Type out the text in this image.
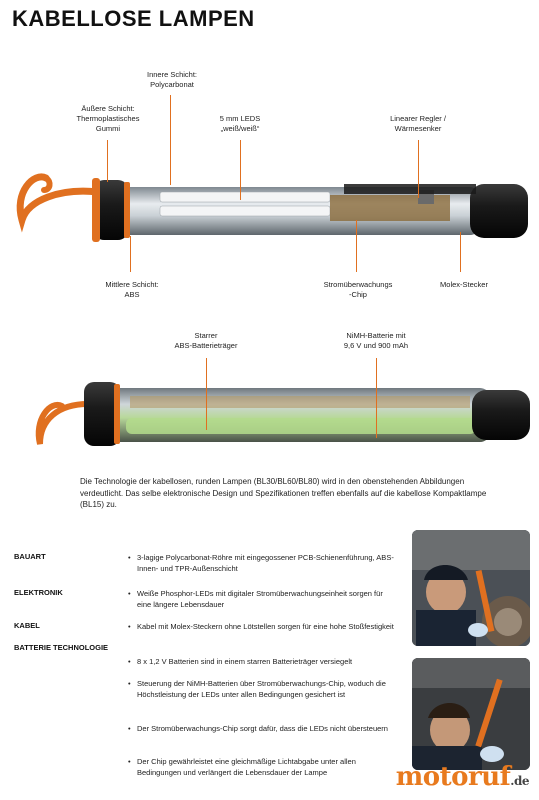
KABELLOSE LAMPEN
Innere Schicht:
Polycarbonat
Äußere Schicht:
Thermoplastisches
Gummi
5 mm LEDS
„weiß/weiß“
Linearer Regler /
Wärmesenker
Mittlere Schicht:
ABS
Stromüberwachungs
-Chip
Molex-Stecker
Starrer
ABS-Batterieträger
NiMH-Batterie mit
9,6 V und 900 mAh
Die Technologie der kabellosen, runden Lampen (BL30/BL60/BL80) wird in den obenstehenden Abbildungen verdeutlicht. Das selbe elektronische Design und Spezifikationen treffen ebenfalls auf die kabellose Kompaktlampe (BL15) zu.
BAUART	• 3-lagige Polycarbonat-Röhre mit eingegossener PCB-Schienenführung, ABS-Innen- und TPR-Außenschicht
ELEKTRONIK	• Weiße Phosphor-LEDs mit digitaler Stromüberwachungseinheit sorgen für eine längere Lebensdauer
KABEL	• Kabel mit Molex-Steckern ohne Lötstellen sorgen für eine hohe Stoßfestigkeit
BATTERIE TECHNOLOGIE
• 8 x 1,2 V Batterien sind in einem starren Batterieträger versiegelt
• Steuerung der NiMH-Batterien über Stromüberwachungs-Chip, woduch die Höchstleistung der LEDs unter allen Bedingungen gesichert ist
• Der Stromüberwachungs-Chip sorgt dafür, dass die LEDs nicht übersteuern
• Der Chip gewährleistet eine gleichmäßige Lichtabgabe unter allen Bedingungen und verlängert die Lebensdauer der Lampe	motoruf.de
